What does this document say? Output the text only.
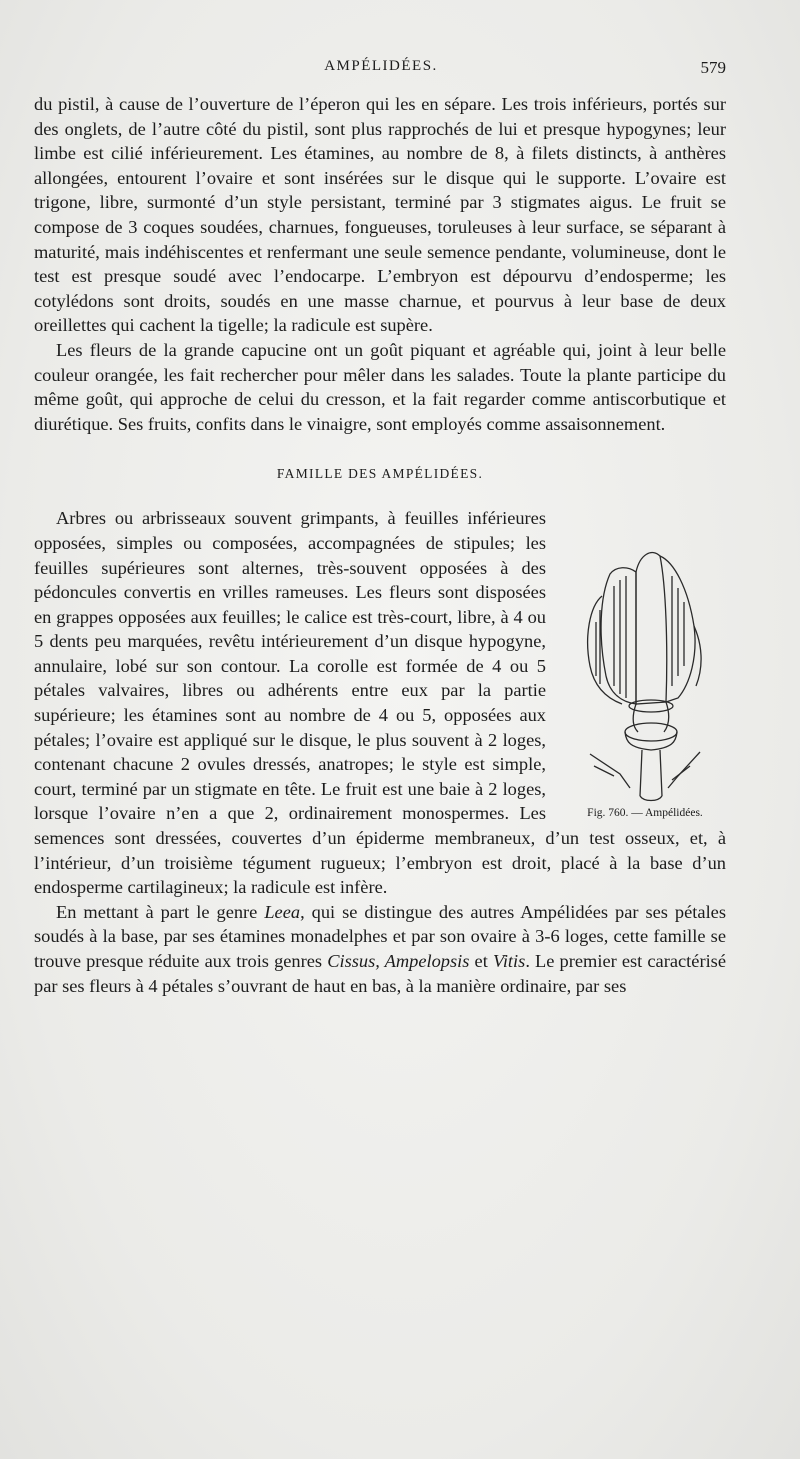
AMPÉLIDÉES.	579

du pistil, à cause de l’ouverture de l’éperon qui les en sépare. Les trois inférieurs, portés sur des onglets, de l’autre côté du pistil, sont plus rapprochés de lui et presque hypogynes; leur limbe est cilié inférieurement. Les étamines, au nombre de 8, à filets distincts, à anthères allongées, entourent l’ovaire et sont insérées sur le disque qui le supporte. L’ovaire est trigone, libre, surmonté d’un style persistant, terminé par 3 stigmates aigus. Le fruit se compose de 3 coques soudées, charnues, fongueuses, toruleuses à leur surface, se séparant à maturité, mais indéhiscentes et renfermant une seule semence pendante, volumineuse, dont le test est presque soudé avec l’endocarpe. L’embryon est dépourvu d’endosperme; les cotylédons sont droits, soudés en une masse charnue, et pourvus à leur base de deux oreillettes qui cachent la tigelle; la radicule est supère.

Les fleurs de la grande capucine ont un goût piquant et agréable qui, joint à leur belle couleur orangée, les fait rechercher pour mêler dans les salades. Toute la plante participe du même goût, qui approche de celui du cresson, et la fait regarder comme antiscorbutique et diurétique. Ses fruits, confits dans le vinaigre, sont employés comme assaisonnement.

FAMILLE DES AMPÉLIDÉES.
Fig. 760. — Ampélidées.

Arbres ou arbrisseaux souvent grimpants, à feuilles inférieures opposées, simples ou composées, accompagnées de stipules; les feuilles supérieures sont alternes, très-souvent opposées à des pédoncules convertis en vrilles rameuses. Les fleurs sont disposées en grappes opposées aux feuilles; le calice est très-court, libre, à 4 ou 5 dents peu marquées, revêtu intérieurement d’un disque hypogyne, annulaire, lobé sur son contour. La corolle est formée de 4 ou 5 pétales valvaires, libres ou adhérents entre eux par la partie supérieure; les étamines sont au nombre de 4 ou 5, opposées aux pétales; l’ovaire est appliqué sur le disque, le plus souvent à 2 loges, contenant chacune 2 ovules dressés, anatropes; le style est simple, court, terminé par un stigmate en tête. Le fruit est une baie à 2 loges, lorsque l’ovaire n’en a que 2, ordinairement monospermes. Les semences sont dressées, couvertes d’un épiderme membraneux, d’un test osseux, et, à l’intérieur, d’un troisième tégument rugueux; l’embryon est droit, placé à la base d’un endosperme cartilagineux; la radicule est infère.

En mettant à part le genre Leea, qui se distingue des autres Ampélidées par ses pétales soudés à la base, par ses étamines monadelphes et par son ovaire à 3-6 loges, cette famille se trouve presque réduite aux trois genres Cissus, Ampelopsis et Vitis. Le premier est caractérisé par ses fleurs à 4 pétales s’ouvrant de haut en bas, à la manière ordinaire, par ses
